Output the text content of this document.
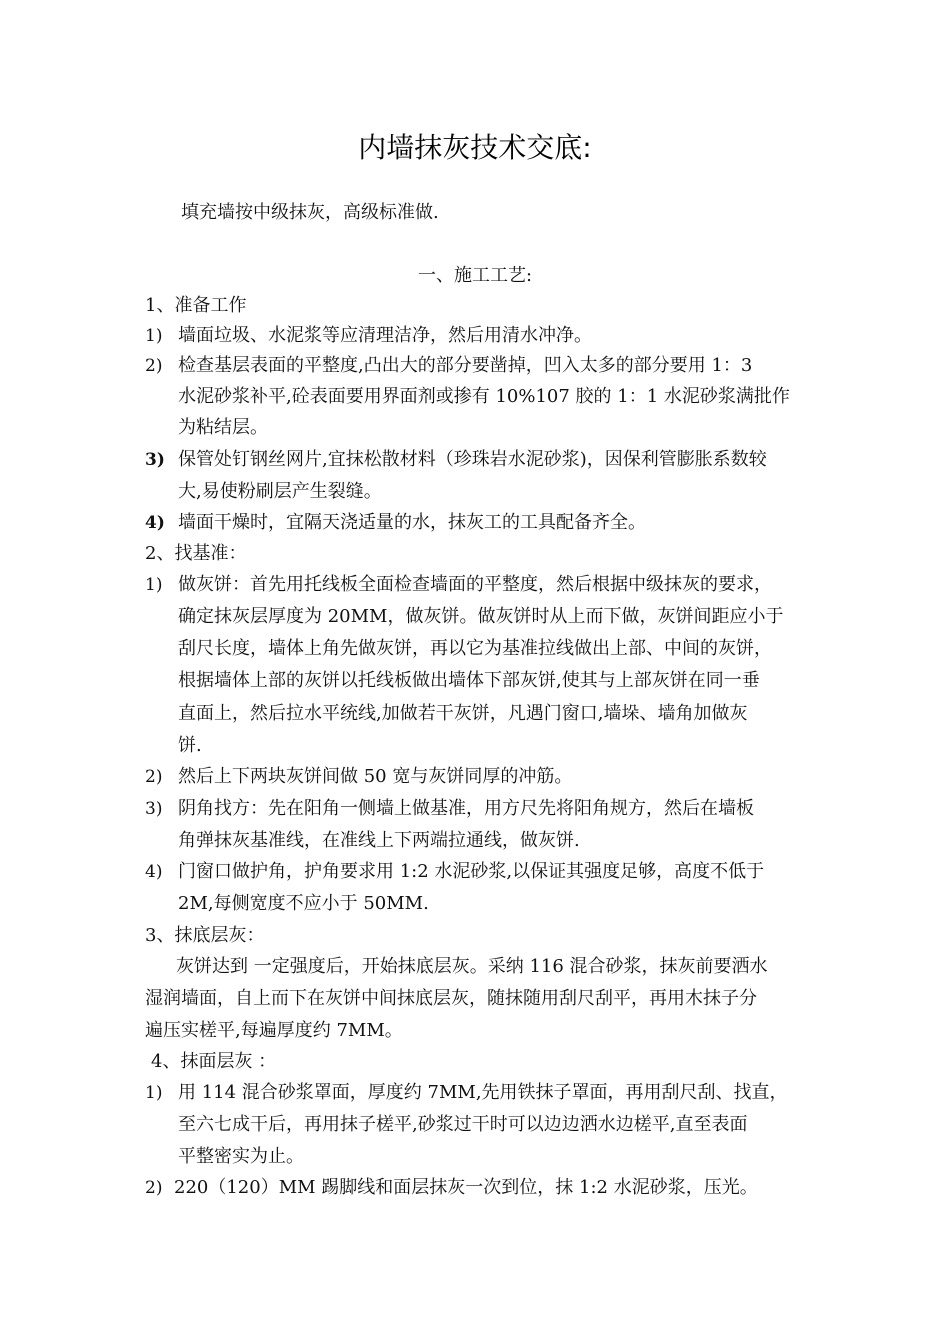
内墙抹灰技术交底:
填充墙按中级抹灰，高级标准做.
一、施工工艺:
1、准备工作
1) 墙面垃圾、水泥浆等应清理洁净，然后用清水冲净。
2) 检查基层表面的平整度,凸出大的部分要凿掉，凹入太多的部分要用 1：3
水泥砂浆补平,砼表面要用界面剂或掺有 10%107 胶的 1：1 水泥砂浆满批作
为粘结层。
3) 保管处钉钢丝网片,宜抹松散材料（珍珠岩水泥砂浆)，因保利管膨胀系数较
大,易使粉刷层产生裂缝。
4) 墙面干燥时，宜隔天浇适量的水，抹灰工的工具配备齐全。
2、找基准：
1) 做灰饼：首先用托线板全面检查墙面的平整度，然后根据中级抹灰的要求，
确定抹灰层厚度为 20MM，做灰饼。做灰饼时从上而下做，灰饼间距应小于
刮尺长度，墙体上角先做灰饼，再以它为基准拉线做出上部、中间的灰饼，
根据墙体上部的灰饼以托线板做出墙体下部灰饼,使其与上部灰饼在同一垂
直面上，然后拉水平统线,加做若干灰饼，凡遇门窗口,墙垛、墙角加做灰
饼.
2) 然后上下两块灰饼间做 50 宽与灰饼同厚的冲筋。
3) 阴角找方：先在阳角一侧墙上做基准，用方尺先将阳角规方，然后在墙板
角弹抹灰基准线，在准线上下两端拉通线，做灰饼.
4) 门窗口做护角，护角要求用 1:2 水泥砂浆,以保证其强度足够，高度不低于
2M,每侧宽度不应小于 50MM.
3、抹底层灰：
灰饼达到 一定强度后，开始抹底层灰。采纳 116 混合砂浆，抹灰前要洒水
湿润墙面，自上而下在灰饼中间抹底层灰，随抹随用刮尺刮平，再用木抹子分
遍压实槎平,每遍厚度约 7MM。
4、抹面层灰 ：
1) 用 114 混合砂浆罩面，厚度约 7MM,先用铁抹子罩面，再用刮尺刮、找直，
至六七成干后，再用抹子槎平,砂浆过干时可以边边洒水边槎平,直至表面
平整密实为止。
2) 220（120）MM 踢脚线和面层抹灰一次到位，抹 1:2 水泥砂浆，压光。
